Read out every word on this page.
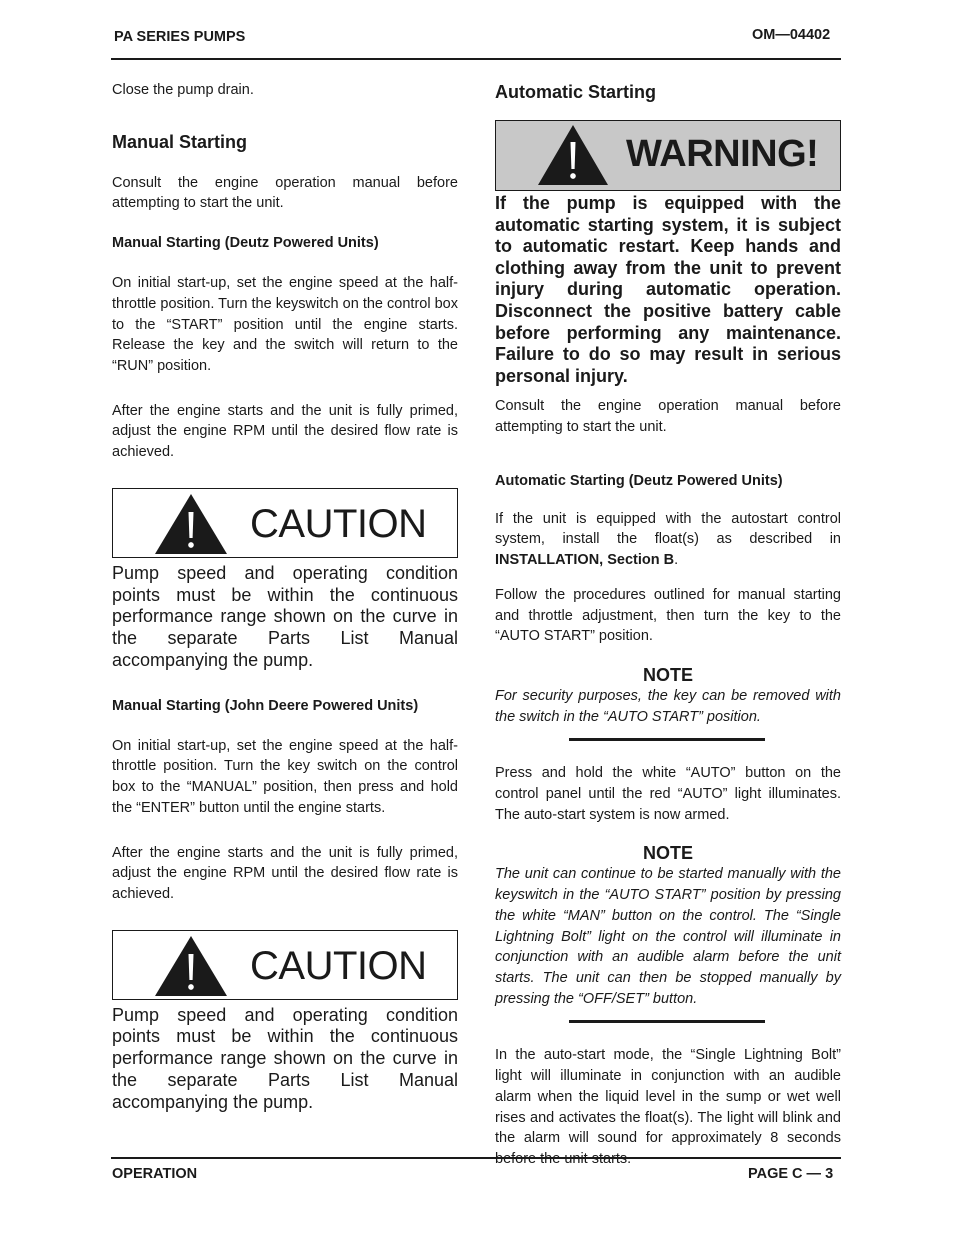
PA SERIES PUMPS	OM—04402

Close the pump drain.

Manual Starting

Consult the engine operation manual before attempting to start the unit.

Manual Starting (Deutz Powered Units)

On initial start-up, set the engine speed at the half-throttle position. Turn the keyswitch on the control box to the “START” position until the engine starts. Release the key and the switch will return to the “RUN” position.

After the engine starts and the unit is fully primed, adjust the engine RPM until the desired flow rate is achieved.

CAUTION

Pump speed and operating condition points must be within the continuous performance range shown on the curve in the separate Parts List Manual accompanying the pump.

Manual Starting (John Deere Powered Units)

On initial start-up, set the engine speed at the half-throttle position. Turn the key switch on the control box to the “MANUAL” position, then press and hold the “ENTER” button until the engine starts.

After the engine starts and the unit is fully primed, adjust the engine RPM until the desired flow rate is achieved.

CAUTION

Pump speed and operating condition points must be within the continuous performance range shown on the curve in the separate Parts List Manual accompanying the pump.

Automatic Starting

WARNING!

If the pump is equipped with the automatic starting system, it is subject to automatic restart. Keep hands and clothing away from the unit to prevent injury during automatic operation. Disconnect the positive battery cable before performing any maintenance. Failure to do so may result in serious personal injury.

Consult the engine operation manual before attempting to start the unit.

Automatic Starting (Deutz Powered Units)

If the unit is equipped with the autostart control system, install the float(s) as described in INSTALLATION, Section B.

Follow the procedures outlined for manual starting and throttle adjustment, then turn the key to the “AUTO START” position.

NOTE

For security purposes, the key can be removed with the switch in the “AUTO START” position.

Press and hold the white “AUTO” button on the control panel until the red “AUTO” light illuminates. The auto-start system is now armed.

NOTE

The unit can continue to be started manually with the keyswitch in the “AUTO START” position by pressing the white “MAN” button on the control. The “Single Lightning Bolt” light on the control will illuminate in conjunction with an audible alarm before the unit starts. The unit can then be stopped manually by pressing the “OFF/SET” button.

In the auto-start mode, the “Single Lightning Bolt” light will illuminate in conjunction with an audible alarm when the liquid level in the sump or wet well rises and activates the float(s). The light will blink and the alarm will sound for approximately 8 seconds

OPERATION	PAGE C — 3
